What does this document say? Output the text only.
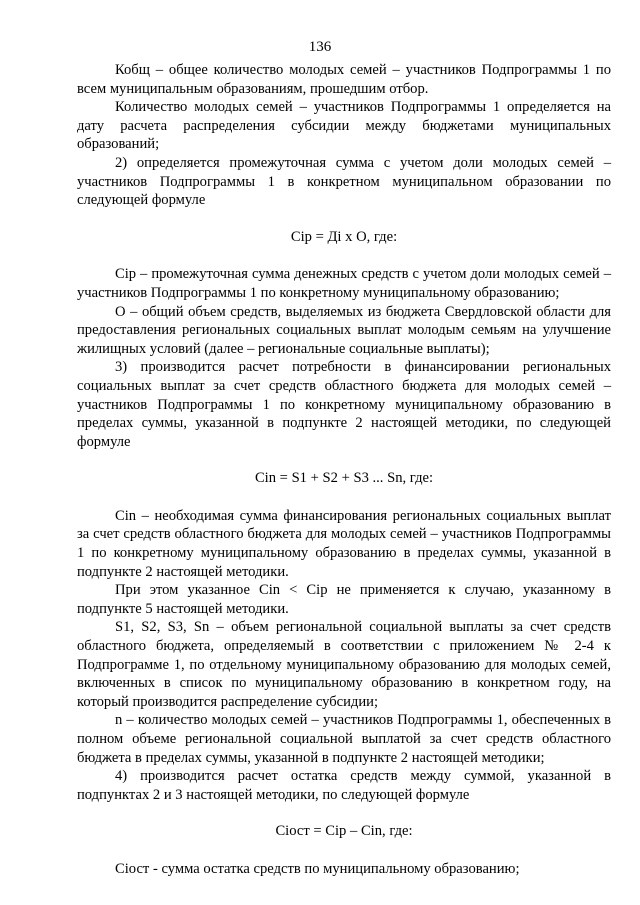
136

Кобщ – общее количество молодых семей – участников Подпрограммы 1 по всем муниципальным образованиям, прошедшим отбор.

Количество молодых семей – участников Подпрограммы 1 определяется на дату расчета распределения субсидии между бюджетами муниципальных образований;

2) определяется промежуточная сумма с учетом доли молодых семей – участников Подпрограммы 1 в конкретном муниципальном образовании по следующей формуле

Сip = Дi х О, где:

Сip – промежуточная сумма денежных средств с учетом доли молодых семей – участников Подпрограммы 1 по конкретному муниципальному образованию;

О – общий объем средств, выделяемых из бюджета Свердловской области для предоставления региональных социальных выплат молодым семьям на улучшение жилищных условий (далее – региональные социальные выплаты);

3) производится расчет потребности в финансировании региональных социальных выплат за счет средств областного бюджета для молодых семей – участников Подпрограммы 1 по конкретному муниципальному образованию в пределах суммы, указанной в подпункте 2 настоящей методики, по следующей формуле

Сin = S1 + S2 + S3 ... Sn, где:

Сin – необходимая сумма финансирования региональных социальных выплат за счет средств областного бюджета для молодых семей – участников Подпрограммы 1 по конкретному муниципальному образованию в пределах суммы, указанной в подпункте 2 настоящей методики.

При этом указанное Сin < Сip не применяется к случаю, указанному в подпункте 5 настоящей методики.

S1, S2, S3, Sn – объем региональной социальной выплаты за счет средств областного бюджета, определяемый в соответствии с приложением № 2-4 к Подпрограмме 1, по отдельному муниципальному образованию для молодых семей, включенных в список по муниципальному образованию в конкретном году, на который производится распределение субсидии;

n – количество молодых семей – участников Подпрограммы 1, обеспеченных в полном объеме региональной социальной выплатой за счет средств областного бюджета в пределах суммы, указанной в подпункте 2 настоящей методики;

4) производится расчет остатка средств между суммой, указанной в подпунктах 2 и 3 настоящей методики, по следующей формуле

Сiост = Сip – Сin, где:

Сiост - сумма остатка средств по муниципальному образованию;
